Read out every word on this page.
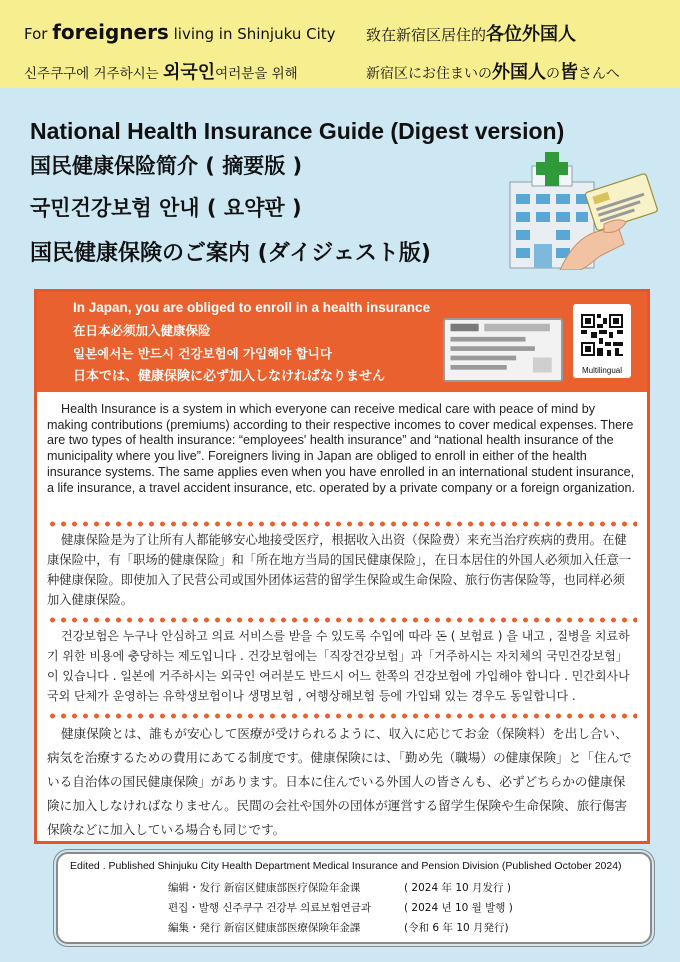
For foreigners living in Shinjuku City 致在新宿区居住的各位外国人
신주쿠구에 거주하시는 외국인여러분을 위해	新宿区にお住まいの外国人の皆さんへ
National Health Insurance Guide (Digest version)
国民健康保险简介 ( 摘要版 )
국민건강보험 안내 ( 요약판 )
国民健康保険のご案内 (ダイジェスト版)
In Japan, you are obliged to enroll in a health insurance
在日本必须加入健康保险
일본에서는 반드시 건강보험에 가입해야 합니다
日本では、健康保険に必ず加入しなければなりません	Multilingual
Health Insurance is a system in which everyone can receive medical care with peace of mind by making contributions (premiums) according to their respective incomes to cover medical expenses. There are two types of health insurance: “employees' health insurance” and “national health insurance of the municipality where you live”. Foreigners living in Japan are obliged to enroll in either of the health insurance systems. The same applies even when you have enrolled in an international student insurance, a life insurance, a travel accident insurance, etc. operated by a private company or a foreign organization.
健康保险是为了让所有人都能够安心地接受医疗，根据收入出资（保险费）来充当治疗疾病的费用。在健康保险中，有「职场的健康保险」和「所在地方当局的国民健康保险」，在日本居住的外国人必须加入任意一种健康保险。即使加入了民营公司或国外团体运营的留学生保险或生命保险、旅行伤害保险等，也同样必须加入健康保险。
건강보험은 누구나 안심하고 의료 서비스를 받을 수 있도록 수입에 따라 돈 ( 보험료 ) 을 내고 , 질병을 치료하기 위한 비용에 충당하는 제도입니다 . 건강보험에는「직장건강보험」과「거주하시는 자치체의 국민건강보험」이 있습니다 . 일본에 거주하시는 외국인 여러분도 반드시 어느 한쪽의 건강보험에 가입해야 합니다 . 민간회사나 국외 단체가 운영하는 유학생보험이나 생명보험 , 여행상해보험 등에 가입돼 있는 경우도 동일합니다 .
健康保険とは、誰もが安心して医療が受けられるように、収入に応じてお金（保険料）を出し合い、病気を治療するための費用にあてる制度です。健康保険には、「勤め先（職場）の健康保険」と「住んでいる自治体の国民健康保険」があります。日本に住んでいる外国人の皆さんも、必ずどちらかの健康保険に加入しなければなりません。民間の会社や国外の団体が運営する留学生保険や生命保険、旅行傷害保険などに加入している場合も同じです。
Edited . Published Shinjuku City Health Department Medical Insurance and Pension Division (Published October 2024)
编辑・发行 新宿区健康部医疗保险年金课	( 2024 年 10 月发行 )
편집・발행 신주쿠구 건강부 의료보험연금과	( 2024 년 10 월 발행 )
編集・発行 新宿区健康部医療保険年金課	(令和 6 年 10 月発行)
